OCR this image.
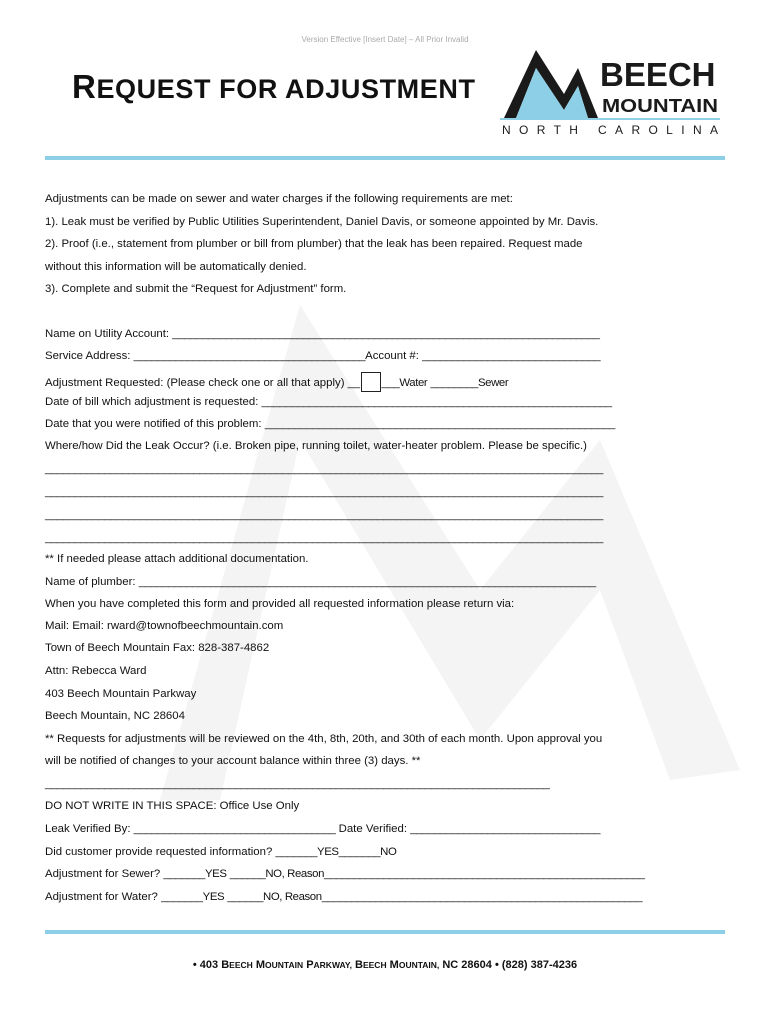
Version Effective [Insert Date] – All Prior Invalid
REQUEST FOR ADJUSTMENT	BEECH
MOUNTAIN
NORTH CAROLINA
Adjustments can be made on sewer and water charges if the following requirements are met:
1). Leak must be verified by Public Utilities Superintendent, Daniel Davis, or someone appointed by Mr. Davis.
2). Proof (i.e., statement from plumber or bill from plumber) that the leak has been repaired. Request made
without this information will be automatically denied.
3). Complete and submit the “Request for Adjustment” form.
Name on Utility Account: ________________________________________________________________________
Service Address: _______________________________________Account #: ______________________________
Adjustment Requested: (Please check one or all that apply) __ ___Water ________Sewer
Date of bill which adjustment is requested: ___________________________________________________________
Date that you were notified of this problem: ___________________________________________________________
Where/how Did the Leak Occur? (i.e. Broken pipe, running toilet, water-heater problem. Please be specific.)
______________________________________________________________________________________________
______________________________________________________________________________________________
______________________________________________________________________________________________
______________________________________________________________________________________________
** If needed please attach additional documentation.
Name of plumber: _____________________________________________________________________________
When you have completed this form and provided all requested information please return via:
Mail: Email: rward@townofbeechmountain.com
Town of Beech Mountain Fax: 828-387-4862
Attn: Rebecca Ward
403 Beech Mountain Parkway
Beech Mountain, NC 28604
** Requests for adjustments will be reviewed on the 4th, 8th, 20th, and 30th of each month. Upon approval you
will be notified of changes to your account balance within three (3) days. **
_____________________________________________________________________________________
DO NOT WRITE IN THIS SPACE: Office Use Only
Leak Verified By: __________________________________ Date Verified: ________________________________
Did customer provide requested information? _______YES_______NO
Adjustment for Sewer? _______YES ______NO, Reason______________________________________________________
Adjustment for Water? _______YES ______NO, Reason______________________________________________________
• 403 BEECH MOUNTAIN PARKWAY, BEECH MOUNTAIN, NC 28604 • (828) 387-4236
